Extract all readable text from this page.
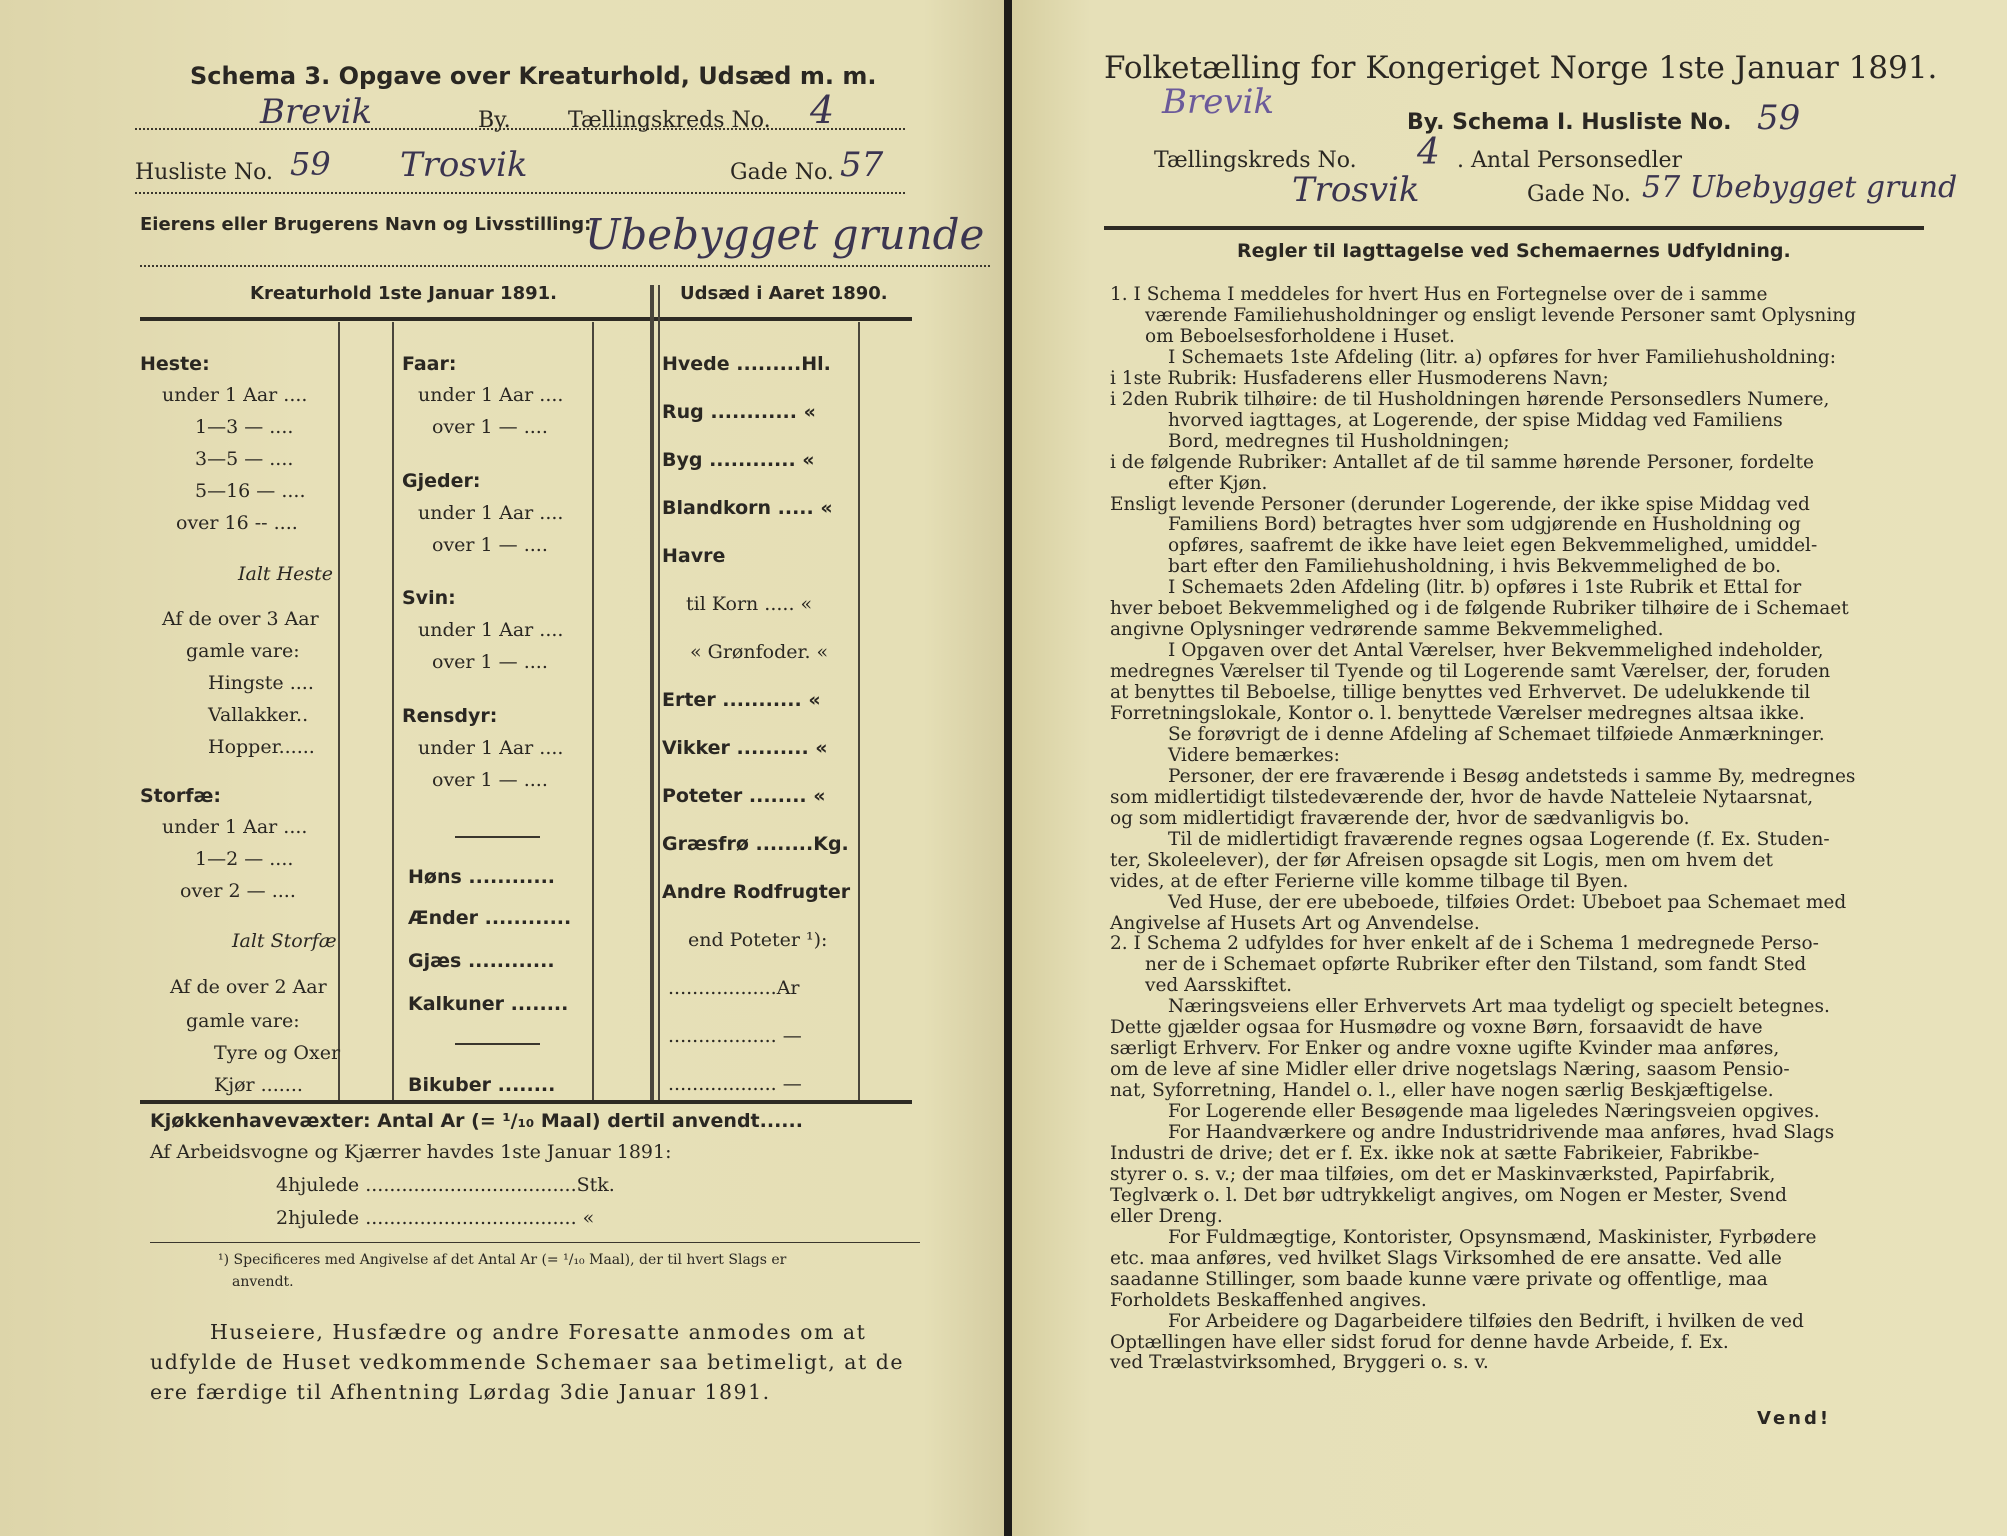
Schema 3. Opgave over Kreaturhold, Udsæd m. m.
Brevik	By.	Tællingskreds No. 4
Husliste No. 59 Trosvik	Gade No. 57
Eierens eller Brugerens Navn og Livsstilling:
Ubebygget grunde
Kreaturhold 1ste Januar 1891.	Udsæd i Aaret 1890.
Heste:
under 1 Aar ....
1—3 — ....
3—5 — ....
5—16 — ....
over 16 -- ....
Ialt Heste
Af de over 3 Aar
gamle vare:
Hingste ....
Vallakker..
Hopper......
Storfæ:
under 1 Aar ....
1—2 — ....
over 2 — ....
Ialt Storfæ
Af de over 2 Aar
gamle vare:
Tyre og Oxer
Kjør .......
Faar:
under 1 Aar ....
over 1 — ....
Gjeder:
under 1 Aar ....
over 1 — ....
Svin:
under 1 Aar ....
over 1 — ....
Rensdyr:
under 1 Aar ....
over 1 — ....
Høns ............
Ænder ............
Gjæs ............
Kalkuner ........
Bikuber ........
Hvede .........Hl.
Rug ............ «
Byg ............ «
Blandkorn ..... «
Havre
til Korn ..... «
« Grønfoder. «
Erter ........... «
Vikker .......... «
Poteter ........ «
Græsfrø ........Kg.
Andre Rodfrugter
end Poteter ¹):
..................Ar
.................. —
.................. —
Kjøkkenhavevæxter: Antal Ar (= ¹/₁₀ Maal) dertil anvendt......
Af Arbeidsvogne og Kjærrer havdes 1ste Januar 1891:
4hjulede ...................................Stk.
2hjulede ................................... «
¹) Specificeres med Angivelse af det Antal Ar (= ¹/₁₀ Maal), der til hvert Slags er
anvendt.
Huseiere, Husfædre og andre Foresatte anmodes om at
udfylde de Huset vedkommende Schemaer saa betimeligt, at de
ere færdige til Afhentning Lørdag 3die Januar 1891.
Folketælling for Kongeriget Norge 1ste Januar 1891.
Brevik
By. Schema I. Husliste No. 59
Tællingskreds No. 4 . Antal Personsedler
Trosvik	Gade No. 57 Ubebygget grund
Regler til Iagttagelse ved Schemaernes Udfyldning.
1. I Schema I meddeles for hvert Hus en Fortegnelse over de i samme
værende Familiehusholdninger og ensligt levende Personer samt Oplysning
om Beboelsesforholdene i Huset.
I Schemaets 1ste Afdeling (litr. a) opføres for hver Familiehusholdning:
i 1ste Rubrik: Husfaderens eller Husmoderens Navn;
i 2den Rubrik tilhøire: de til Husholdningen hørende Personsedlers Numere,
hvorved iagttages, at Logerende, der spise Middag ved Familiens
Bord, medregnes til Husholdningen;
i de følgende Rubriker: Antallet af de til samme hørende Personer, fordelte
efter Kjøn.
Ensligt levende Personer (derunder Logerende, der ikke spise Middag ved
Familiens Bord) betragtes hver som udgjørende en Husholdning og
opføres, saafremt de ikke have leiet egen Bekvemmelighed, umiddel-
bart efter den Familiehusholdning, i hvis Bekvemmelighed de bo.
I Schemaets 2den Afdeling (litr. b) opføres i 1ste Rubrik et Ettal for
hver beboet Bekvemmelighed og i de følgende Rubriker tilhøire de i Schemaet
angivne Oplysninger vedrørende samme Bekvemmelighed.
I Opgaven over det Antal Værelser, hver Bekvemmelighed indeholder,
medregnes Værelser til Tyende og til Logerende samt Værelser, der, foruden
at benyttes til Beboelse, tillige benyttes ved Erhvervet. De udelukkende til
Forretningslokale, Kontor o. l. benyttede Værelser medregnes altsaa ikke.
Se forøvrigt de i denne Afdeling af Schemaet tilføiede Anmærkninger.
Videre bemærkes:
Personer, der ere fraværende i Besøg andetsteds i samme By, medregnes
som midlertidigt tilstedeværende der, hvor de havde Natteleie Nytaarsnat,
og som midlertidigt fraværende der, hvor de sædvanligvis bo.
Til de midlertidigt fraværende regnes ogsaa Logerende (f. Ex. Studen-
ter, Skoleelever), der før Afreisen opsagde sit Logis, men om hvem det
vides, at de efter Ferierne ville komme tilbage til Byen.
Ved Huse, der ere ubeboede, tilføies Ordet: Ubeboet paa Schemaet med
Angivelse af Husets Art og Anvendelse.
2. I Schema 2 udfyldes for hver enkelt af de i Schema 1 medregnede Perso-
ner de i Schemaet opførte Rubriker efter den Tilstand, som fandt Sted
ved Aarsskiftet.
Næringsveiens eller Erhvervets Art maa tydeligt og specielt betegnes.
Dette gjælder ogsaa for Husmødre og voxne Børn, forsaavidt de have
særligt Erhverv. For Enker og andre voxne ugifte Kvinder maa anføres,
om de leve af sine Midler eller drive nogetslags Næring, saasom Pensio-
nat, Syforretning, Handel o. l., eller have nogen særlig Beskjæftigelse.
For Logerende eller Besøgende maa ligeledes Næringsveien opgives.
For Haandværkere og andre Industridrivende maa anføres, hvad Slags
Industri de drive; det er f. Ex. ikke nok at sætte Fabrikeier, Fabrikbe-
styrer o. s. v.; der maa tilføies, om det er Maskinværksted, Papirfabrik,
Teglværk o. l. Det bør udtrykkeligt angives, om Nogen er Mester, Svend
eller Dreng.
For Fuldmægtige, Kontorister, Opsynsmænd, Maskinister, Fyrbødere
etc. maa anføres, ved hvilket Slags Virksomhed de ere ansatte. Ved alle
saadanne Stillinger, som baade kunne være private og offentlige, maa
Forholdets Beskaffenhed angives.
For Arbeidere og Dagarbeidere tilføies den Bedrift, i hvilken de ved
Optællingen have eller sidst forud for denne havde Arbeide, f. Ex.
ved Trælastvirksomhed, Bryggeri o. s. v.
Vend!
